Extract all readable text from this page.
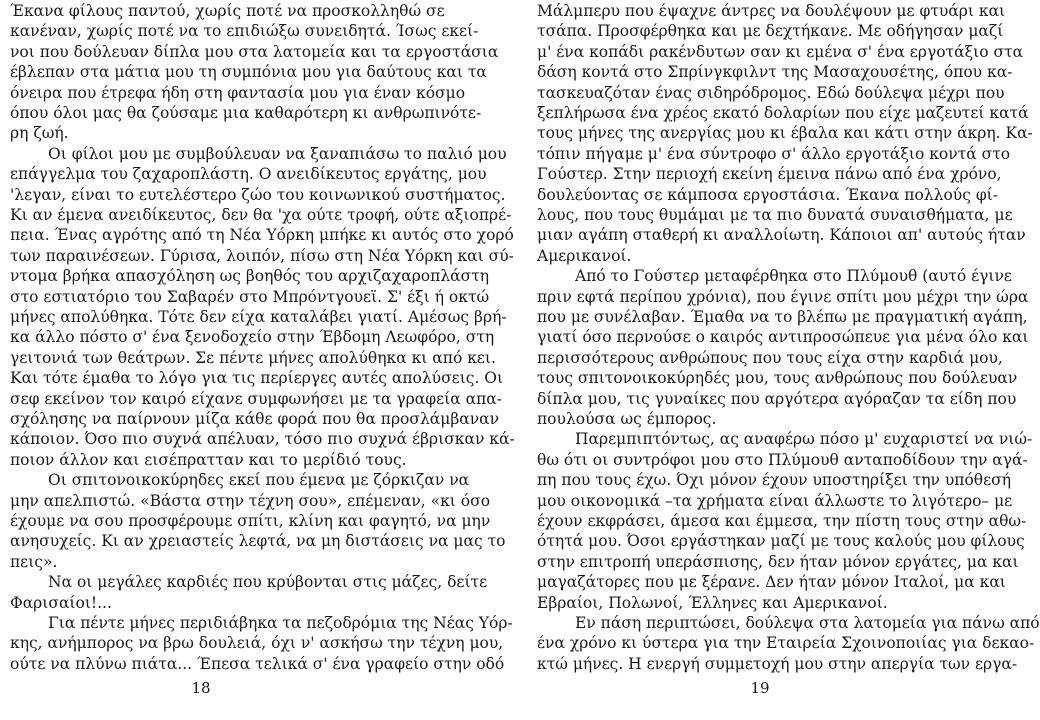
Έκανα φίλους παντού, χωρίς ποτέ να προσκολληθώ σε
κανέναν, χωρίς ποτέ να το επιδιώξω συνειδητά. Ίσως εκεί-
νοι που δούλευαν δίπλα μου στα λατομεία και τα εργοστάσια
έβλεπαν στα μάτια μου τη συμπόνια μου για δαύτους και τα
όνειρα που έτρεφα ήδη στη φαντασία μου για έναν κόσμο
όπου όλοι μας θα ζούσαμε μια καθαρότερη κι ανθρωπινότε-
ρη ζωή.
Οι φίλοι μου με συμβούλευαν να ξαναπιάσω το παλιό μου
επάγγελμα του ζαχαροπλάστη. Ο ανειδίκευτος εργάτης, μου
'λεγαν, είναι το ευτελέστερο ζώο του κοινωνικού συστήματος.
Κι αν έμενα ανειδίκευτος, δεν θα 'χα ούτε τροφή, ούτε αξιοπρέ-
πεια. Ένας αγρότης από τη Νέα Υόρκη μπήκε κι αυτός στο χορό
των παραινέσεων. Γύρισα, λοιπόν, πίσω στη Νέα Υόρκη και σύ-
ντομα βρήκα απασχόληση ως βοηθός του αρχιζαχαροπλάστη
στο εστιατόριο του Σαβαρέν στο Μπρόντγουεϊ. Σ' έξι ή οκτώ
μήνες απολύθηκα. Τότε δεν είχα καταλάβει γιατί. Αμέσως βρή-
κα άλλο πόστο σ' ένα ξενοδοχείο στην Έβδομη Λεωφόρο, στη
γειτονιά των θεάτρων. Σε πέντε μήνες απολύθηκα κι από κει.
Και τότε έμαθα το λόγο για τις περίεργες αυτές απολύσεις. Οι
σεφ εκείνον τον καιρό είχανε συμφωνήσει με τα γραφεία απα-
σχόλησης να παίρνουν μίζα κάθε φορά που θα προσλάμβαναν
κάποιον. Όσο πιο συχνά απέλυαν, τόσο πιο συχνά έβρισκαν κά-
ποιον άλλον και εισέπρατταν και το μερίδιό τους.
Οι σπιτονοικοκύρηδες εκεί που έμενα με ζόρκιζαν να
μην απελπιστώ. «Βάστα στην τέχνη σου», επέμεναν, «κι όσο
έχουμε να σου προσφέρουμε σπίτι, κλίνη και φαγητό, να μην
ανησυχείς. Κι αν χρειαστείς λεφτά, να μη διστάσεις να μας το
πεις».
Να οι μεγάλες καρδιές που κρύβονται στις μάζες, δείτε
Φαρισαίοι!...
Για πέντε μήνες περιδιάβηκα τα πεζοδρόμια της Νέας Υόρ-
κης, ανήμπορος να βρω δουλειά, όχι ν' ασκήσω την τέχνη μου,
ούτε να πλύνω πιάτα... Έπεσα τελικά σ' ένα γραφείο στην οδό
Μάλμπερυ που έψαχνε άντρες να δουλέψουν με φτυάρι και
τσάπα. Προσφέρθηκα και με δεχτήκανε. Με οδήγησαν μαζί
μ' ένα κοπάδι ρακένδυτων σαν κι εμένα σ' ένα εργοτάξιο στα
δάση κοντά στο Σπρίνγκφιλντ της Μασαχουσέτης, όπου κα-
τασκευαζόταν ένας σιδηρόδρομος. Εδώ δούλεψα μέχρι που
ξεπλήρωσα ένα χρέος εκατό δολαρίων που είχε μαζευτεί κατά
τους μήνες της ανεργίας μου κι έβαλα και κάτι στην άκρη. Κα-
τόπιν πήγαμε μ' ένα σύντροφο σ' άλλο εργοτάξιο κοντά στο
Γούστερ. Στην περιοχή εκείνη έμεινα πάνω από ένα χρόνο,
δουλεύοντας σε κάμποσα εργοστάσια. Έκανα πολλούς φί-
λους, που τους θυμάμαι με τα πιο δυνατά συναισθήματα, με
μιαν αγάπη σταθερή κι αναλλοίωτη. Κάποιοι απ' αυτούς ήταν
Αμερικανοί.
Από το Γούστερ μεταφέρθηκα στο Πλύμουθ (αυτό έγινε
πριν εφτά περίπου χρόνια), που έγινε σπίτι μου μέχρι την ώρα
που με συνέλαβαν. Έμαθα να το βλέπω με πραγματική αγάπη,
γιατί όσο περνούσε ο καιρός αντιπροσώπευε για μένα όλο και
περισσότερους ανθρώπους που τους είχα στην καρδιά μου,
τους σπιτονοικοκύρηδές μου, τους ανθρώπους που δούλευαν
δίπλα μου, τις γυναίκες που αργότερα αγόραζαν τα είδη που
πουλούσα ως έμπορος.
Παρεμπιπτόντως, ας αναφέρω πόσο μ' ευχαριστεί να νιώ-
θω ότι οι συντρόφοι μου στο Πλύμουθ ανταποδίδουν την αγά-
πη που τους έχω. Όχι μόνον έχουν υποστηρίξει την υπόθεσή
μου οικονομικά –τα χρήματα είναι άλλωστε το λιγότερο– με
έχουν εκφράσει, άμεσα και έμμεσα, την πίστη τους στην αθω-
ότητά μου. Όσοι εργάστηκαν μαζί με τους καλούς μου φίλους
στην επιτροπή υπεράσπισης, δεν ήταν μόνον εργάτες, μα και
μαγαζάτορες που με ξέρανε. Δεν ήταν μόνον Ιταλοί, μα και
Εβραίοι, Πολωνοί, Έλληνες και Αμερικανοί.
Εν πάση περιπτώσει, δούλεψα στα λατομεία για πάνω από
ένα χρόνο κι ύστερα για την Εταιρεία Σχοινοποιίας για δεκαο-
κτώ μήνες. Η ενεργή συμμετοχή μου στην απεργία των εργα-
18	19
